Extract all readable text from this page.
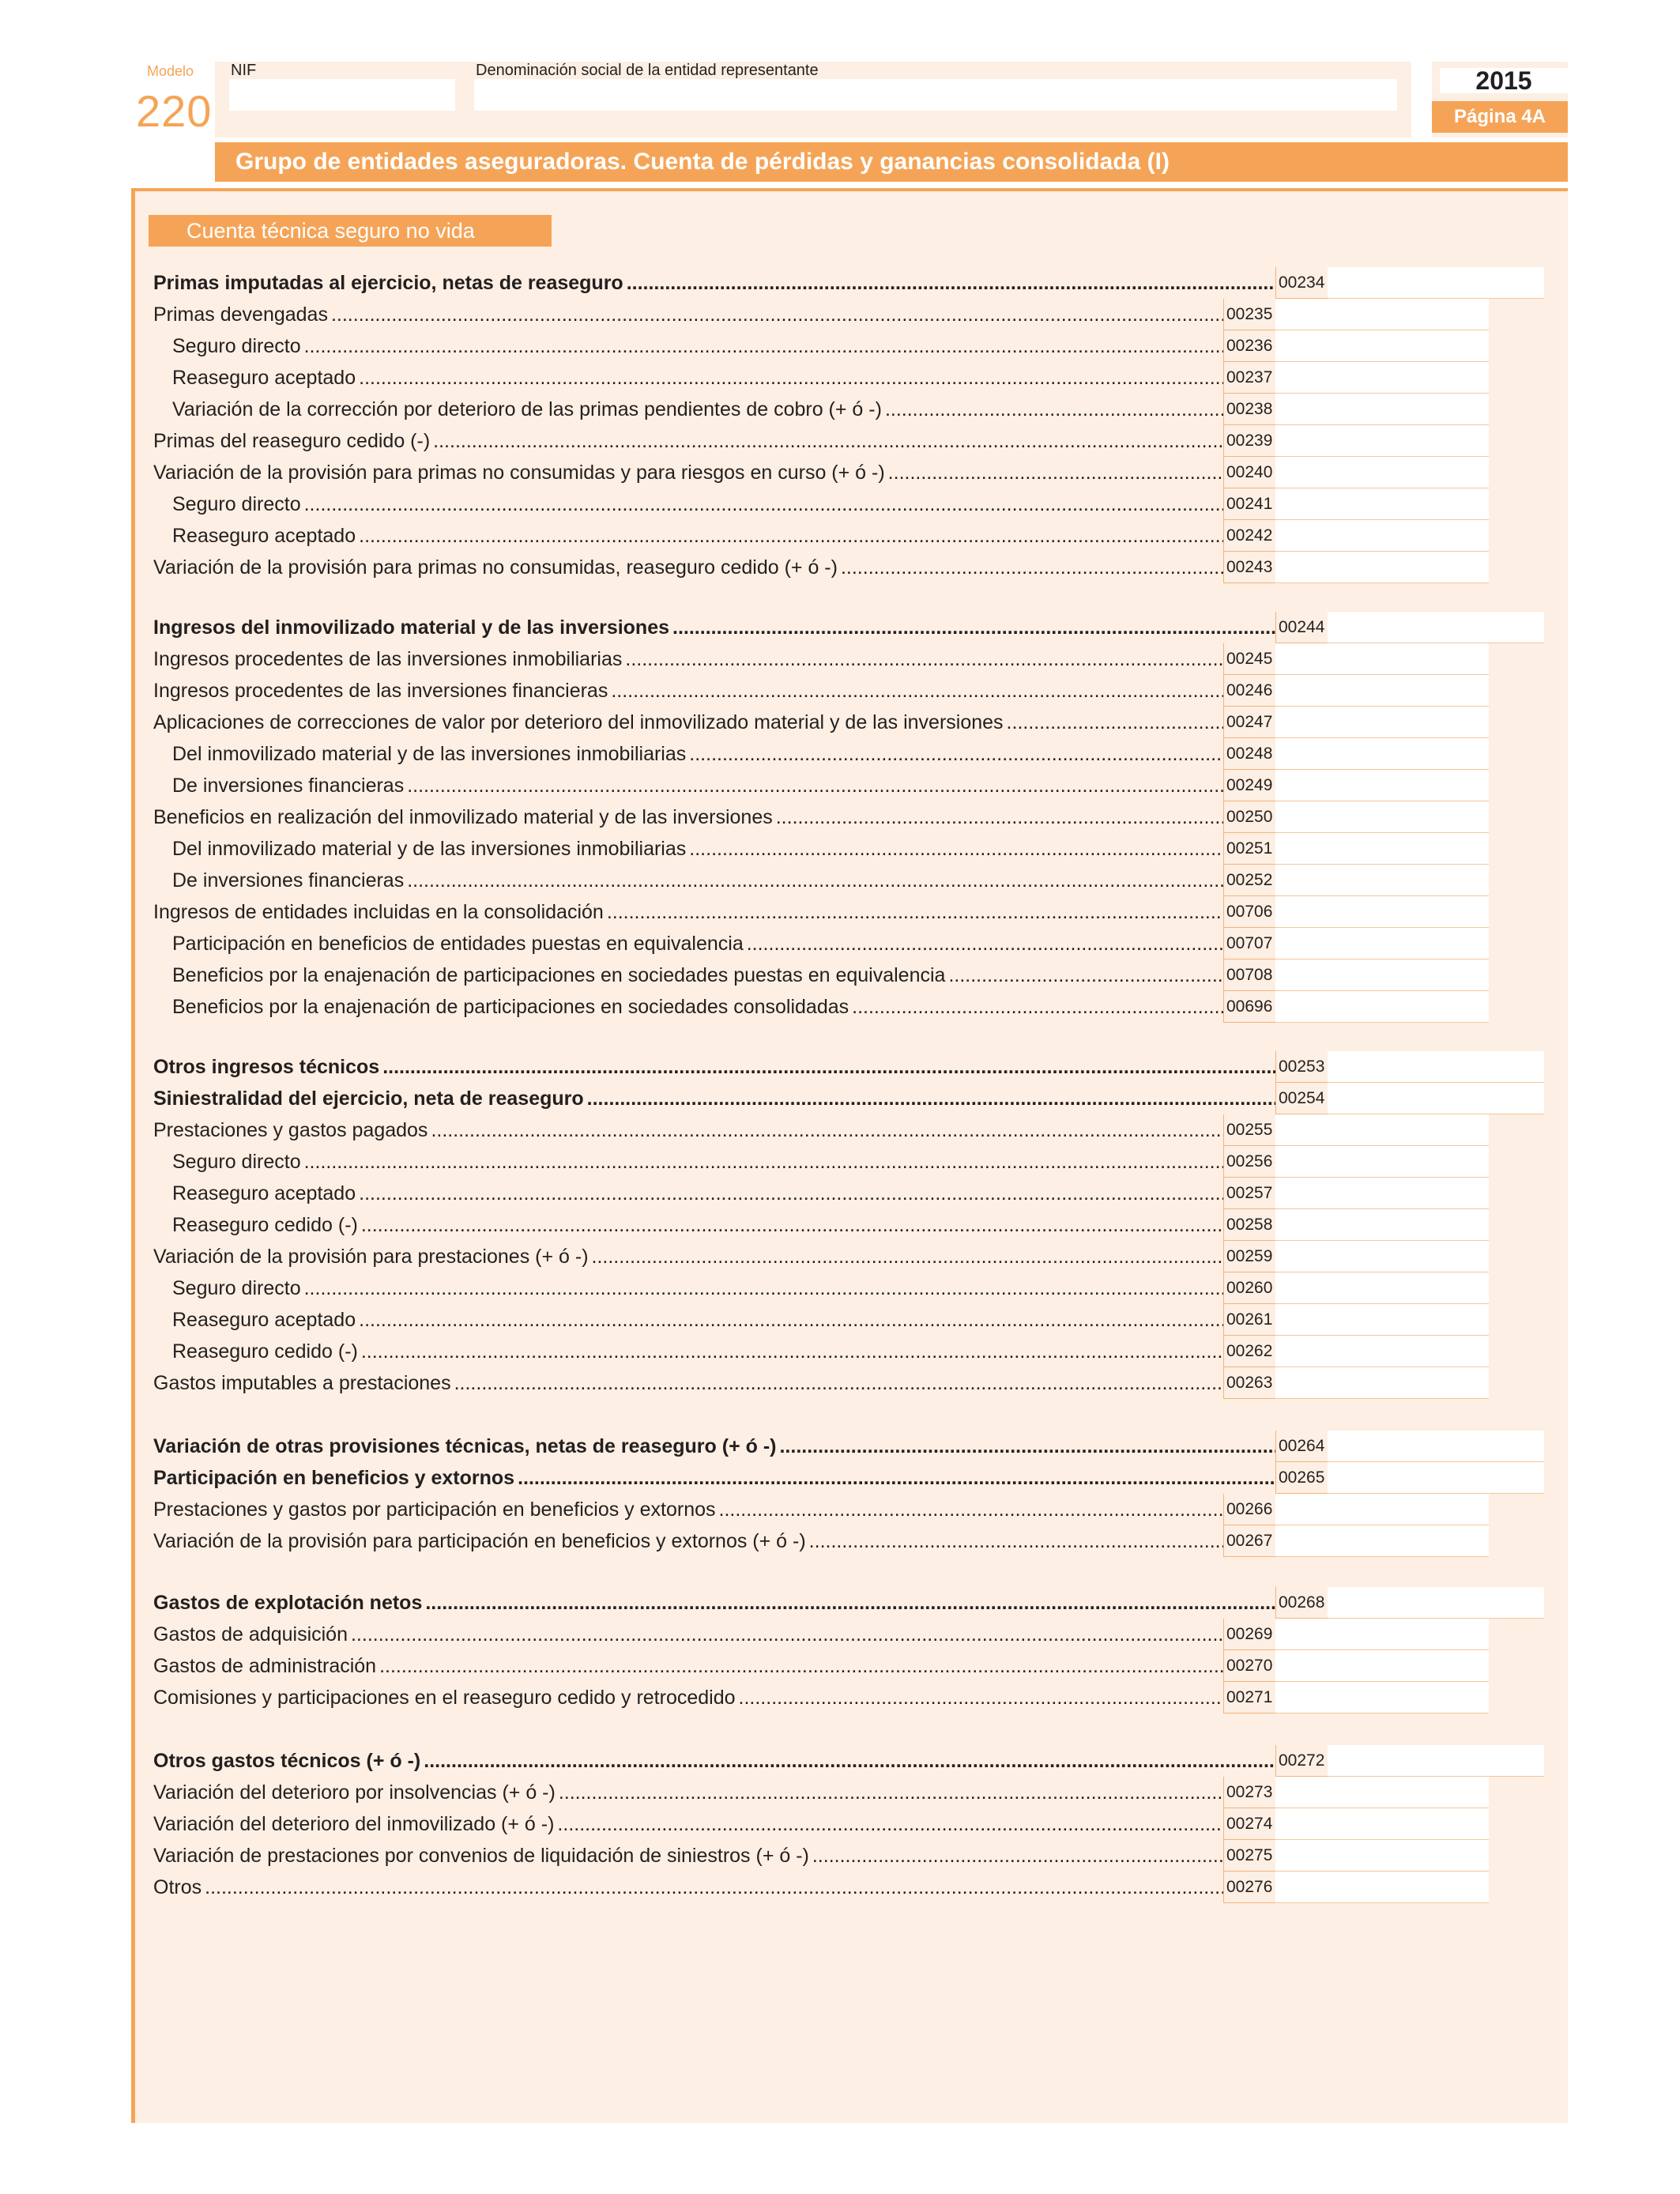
Modelo
220
NIF	Denominación social de la entidad representante	2015
Página 4A
Grupo de entidades aseguradoras. Cuenta de pérdidas y ganancias consolidada (I)
Cuenta técnica seguro no vida
Primas imputadas al ejercicio, netas de reaseguro .....	00234
Primas devengadas .....	00235
Seguro directo .....	00236
Reaseguro aceptado .....	00237
Variación de la corrección por deterioro de las primas pendientes de cobro (+ ó -) .....	00238
Primas del reaseguro cedido (-) .....	00239
Variación de la provisión para primas no consumidas y para riesgos en curso (+ ó -) .....	00240
Seguro directo .....	00241
Reaseguro aceptado .....	00242
Variación de la provisión para primas no consumidas, reaseguro cedido (+ ó -) .....	00243
Ingresos del inmovilizado material y de las inversiones .....	00244
Ingresos procedentes de las inversiones inmobiliarias .....	00245
Ingresos procedentes de las inversiones financieras .....	00246
Aplicaciones de correcciones de valor por deterioro del inmovilizado material y de las inversiones .....	00247
Del inmovilizado material y de las inversiones inmobiliarias .....	00248
De inversiones financieras .....	00249
Beneficios en realización del inmovilizado material y de las inversiones .....	00250
Del inmovilizado material y de las inversiones inmobiliarias .....	00251
De inversiones financieras .....	00252
Ingresos de entidades incluidas en la consolidación .....	00706
Participación en beneficios de entidades puestas en equivalencia .....	00707
Beneficios por la enajenación de participaciones en sociedades puestas en equivalencia .....	00708
Beneficios por la enajenación de participaciones en sociedades consolidadas .....	00696
Otros ingresos técnicos .....	00253
Siniestralidad del ejercicio, neta de reaseguro .....	00254
Prestaciones y gastos pagados .....	00255
Seguro directo .....	00256
Reaseguro aceptado .....	00257
Reaseguro cedido (-) .....	00258
Variación de la provisión para prestaciones (+ ó -) .....	00259
Seguro directo .....	00260
Reaseguro aceptado .....	00261
Reaseguro cedido (-) .....	00262
Gastos imputables a prestaciones .....	00263
Variación de otras provisiones técnicas, netas de reaseguro (+ ó -) .....	00264
Participación en beneficios y extornos .....	00265
Prestaciones y gastos por participación en beneficios y extornos .....	00266
Variación de la provisión para participación en beneficios y extornos (+ ó -) .....	00267
Gastos de explotación netos .....	00268
Gastos de adquisición .....	00269
Gastos de administración .....	00270
Comisiones y participaciones en el reaseguro cedido y retrocedido .....	00271
Otros gastos técnicos (+ ó -) .....	00272
Variación del deterioro por insolvencias (+ ó -) .....	00273
Variación del deterioro del inmovilizado (+ ó -) .....	00274
Variación de prestaciones por convenios de liquidación de siniestros (+ ó -) .....	00275
Otros .....	00276
